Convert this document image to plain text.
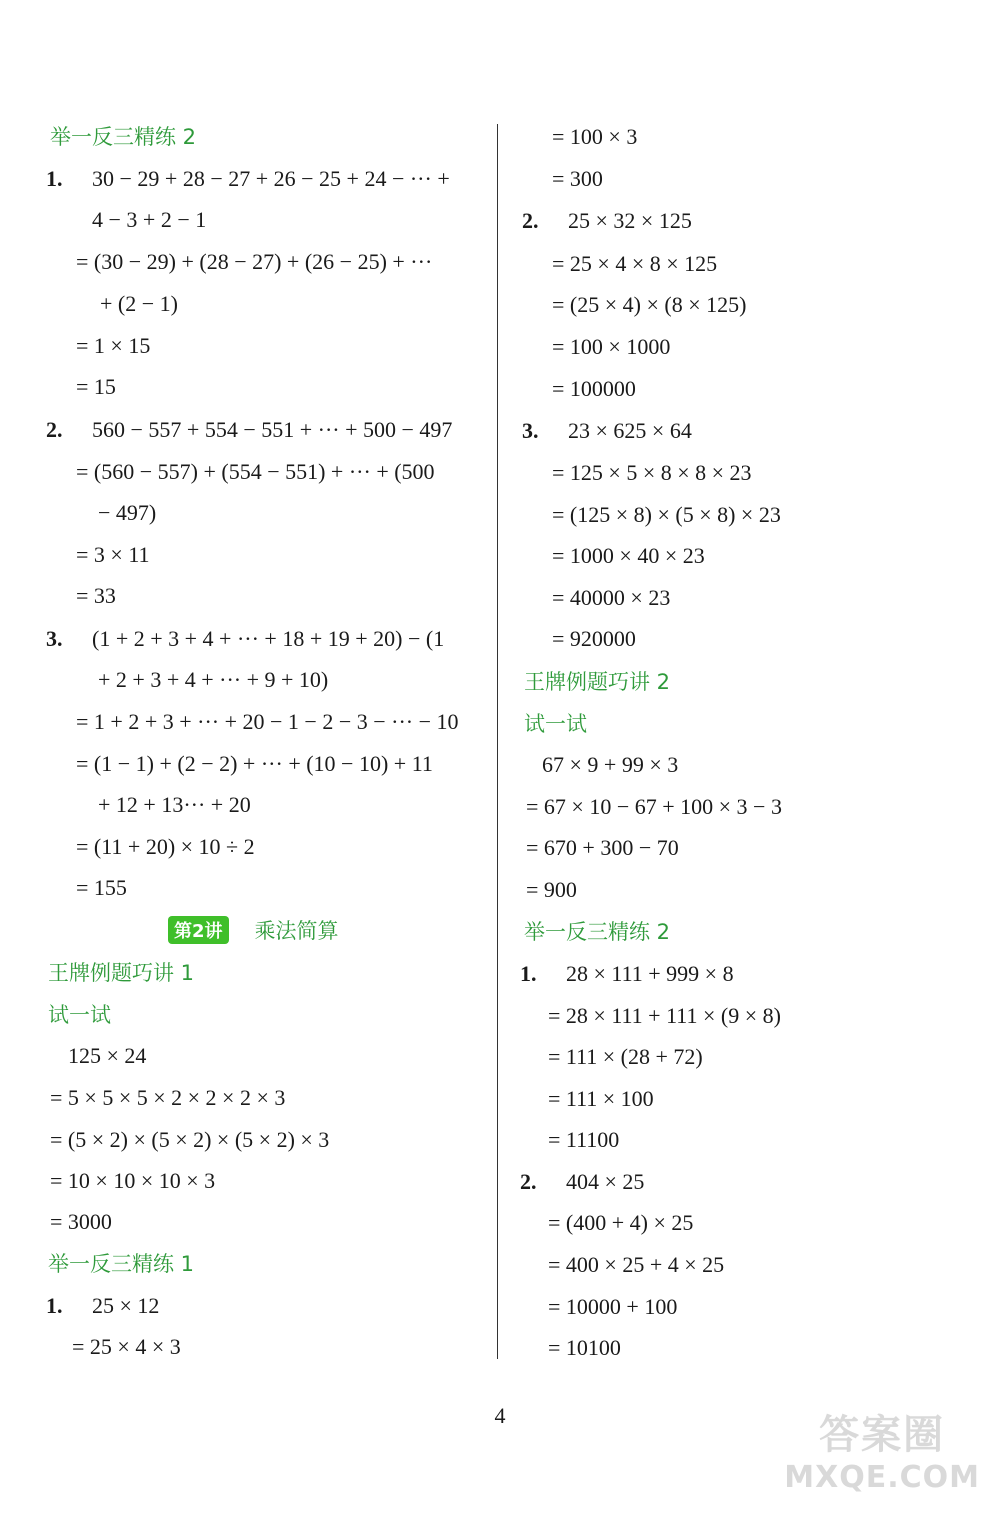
举一反三精练 2
1. 30 − 29 + 28 − 27 + 26 − 25 + 24 − ··· +
4 − 3 + 2 − 1
= (30 − 29) + (28 − 27) + (26 − 25) + ···
+ (2 − 1)
= 1 × 15
= 15
2. 560 − 557 + 554 − 551 + ··· + 500 − 497
= (560 − 557) + (554 − 551) + ··· + (500
− 497)
= 3 × 11
= 33
3. (1 + 2 + 3 + 4 + ··· + 18 + 19 + 20) − (1
+ 2 + 3 + 4 + ··· + 9 + 10)
= 1 + 2 + 3 + ··· + 20 − 1 − 2 − 3 − ··· − 10
= (1 − 1) + (2 − 2) + ··· + (10 − 10) + 11
+ 12 + 13··· + 20
= (11 + 20) × 10 ÷ 2
= 155
王牌例题巧讲 1
试一试
125 × 24
= 5 × 5 × 5 × 2 × 2 × 2 × 3
= (5 × 2) × (5 × 2) × (5 × 2) × 3
= 10 × 10 × 10 × 3
= 3000
举一反三精练 1
1. 25 × 12
= 25 × 4 × 3
= 100 × 3
= 300
2. 25 × 32 × 125
= 25 × 4 × 8 × 125
= (25 × 4) × (8 × 125)
= 100 × 1000
= 100000
3. 23 × 625 × 64
= 125 × 5 × 8 × 8 × 23
= (125 × 8) × (5 × 8) × 23
= 1000 × 40 × 23
= 40000 × 23
= 920000
王牌例题巧讲 2
试一试
67 × 9 + 99 × 3
= 67 × 10 − 67 + 100 × 3 − 3
= 670 + 300 − 70
= 900
举一反三精练 2
1. 28 × 111 + 999 × 8
= 28 × 111 + 111 × (9 × 8)
= 111 × (28 + 72)
= 111 × 100
= 11100
2. 404 × 25
= (400 + 4) × 25
= 400 × 25 + 4 × 25
= 10000 + 100
= 10100
第2讲 乘法简算
4	答案圈
MXQE.COM
